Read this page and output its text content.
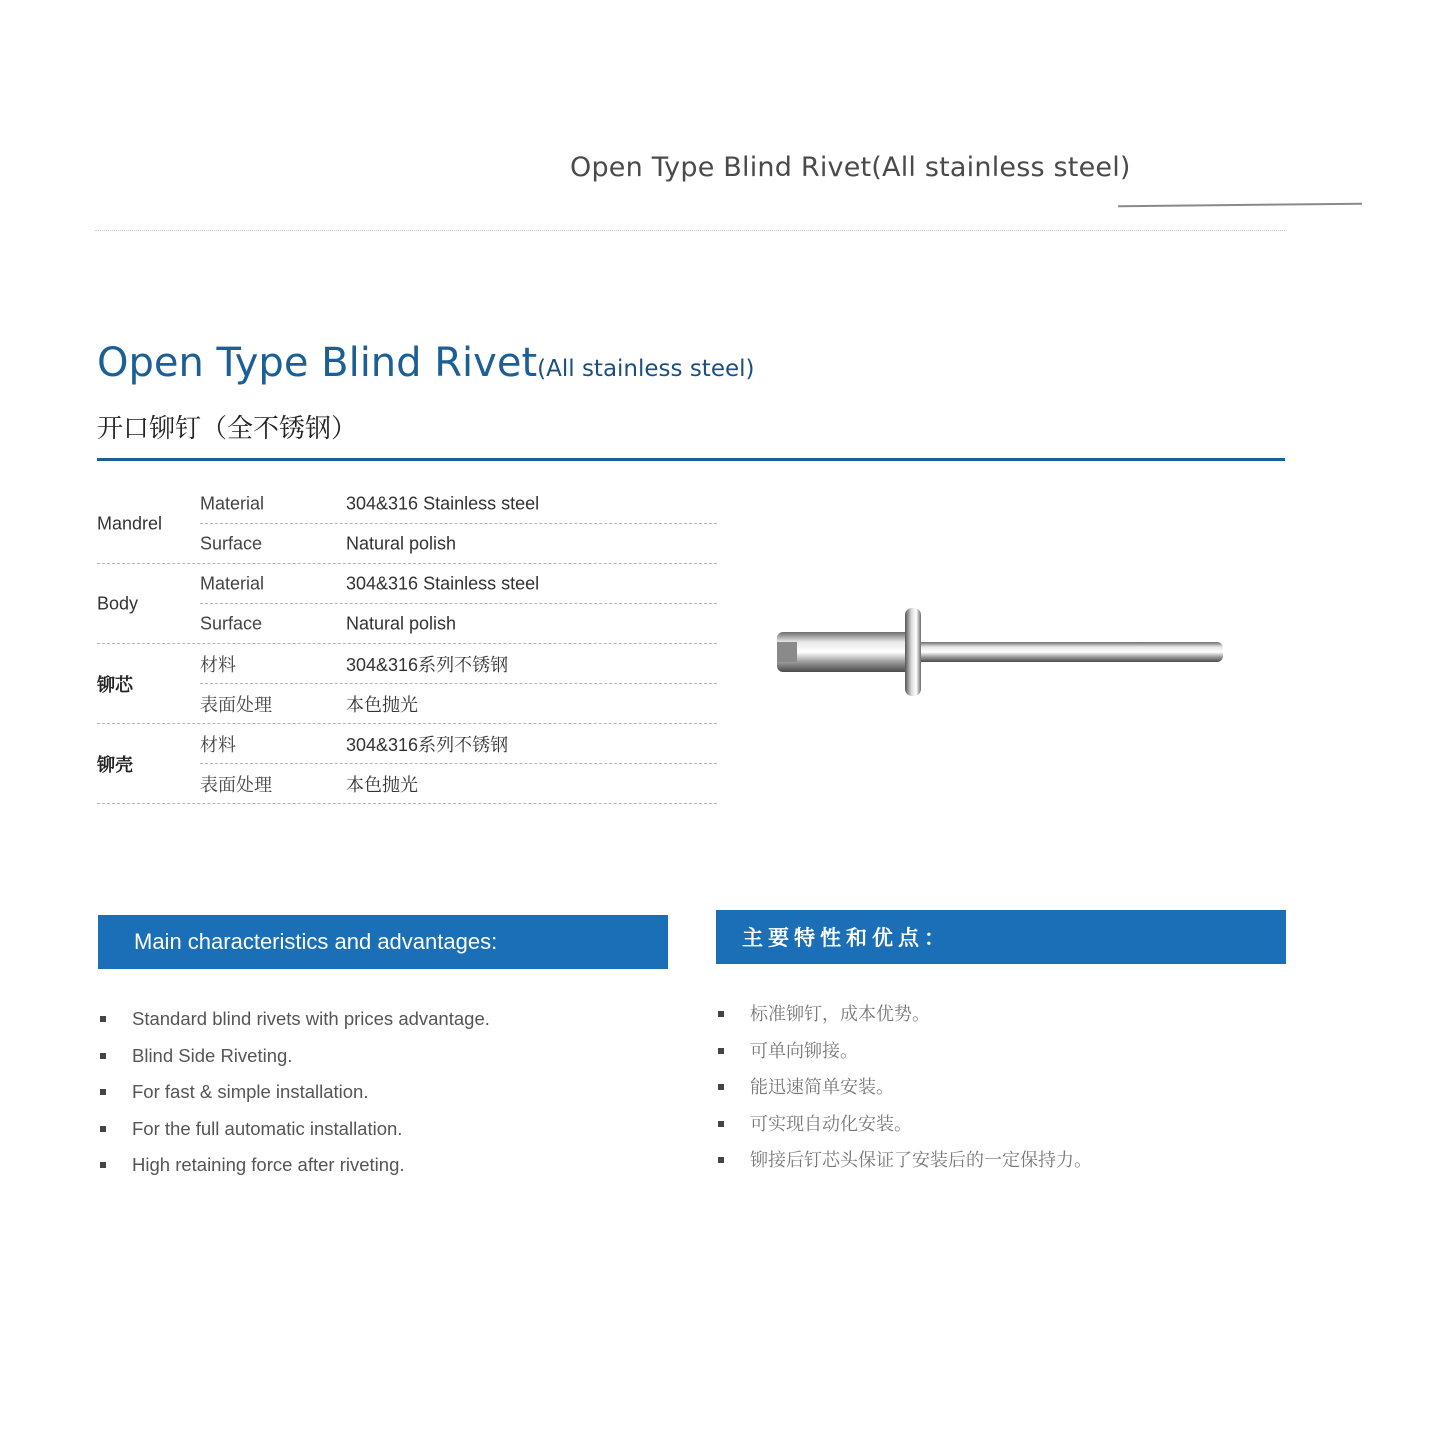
Open Type Blind Rivet(All stainless steel)
Open Type Blind Rivet(All stainless steel)
开口铆钉（全不锈钢）
Mandrel
Material	304&316 Stainless steel
Surface	Natural polish
Body
Material	304&316 Stainless steel
Surface	Natural polish
铆芯
材料	304&316系列不锈钢
表面处理	本色抛光
铆壳
材料	304&316系列不锈钢
表面处理	本色抛光
Main characteristics and advantages:	主要特性和优点：
Standard blind rivets with prices advantage.
Blind Side Riveting.
For fast & simple installation.
For the full automatic installation.
High retaining force after riveting.
标准铆钉，成本优势。
可单向铆接。
能迅速简单安装。
可实现自动化安装。
铆接后钉芯头保证了安装后的一定保持力。
